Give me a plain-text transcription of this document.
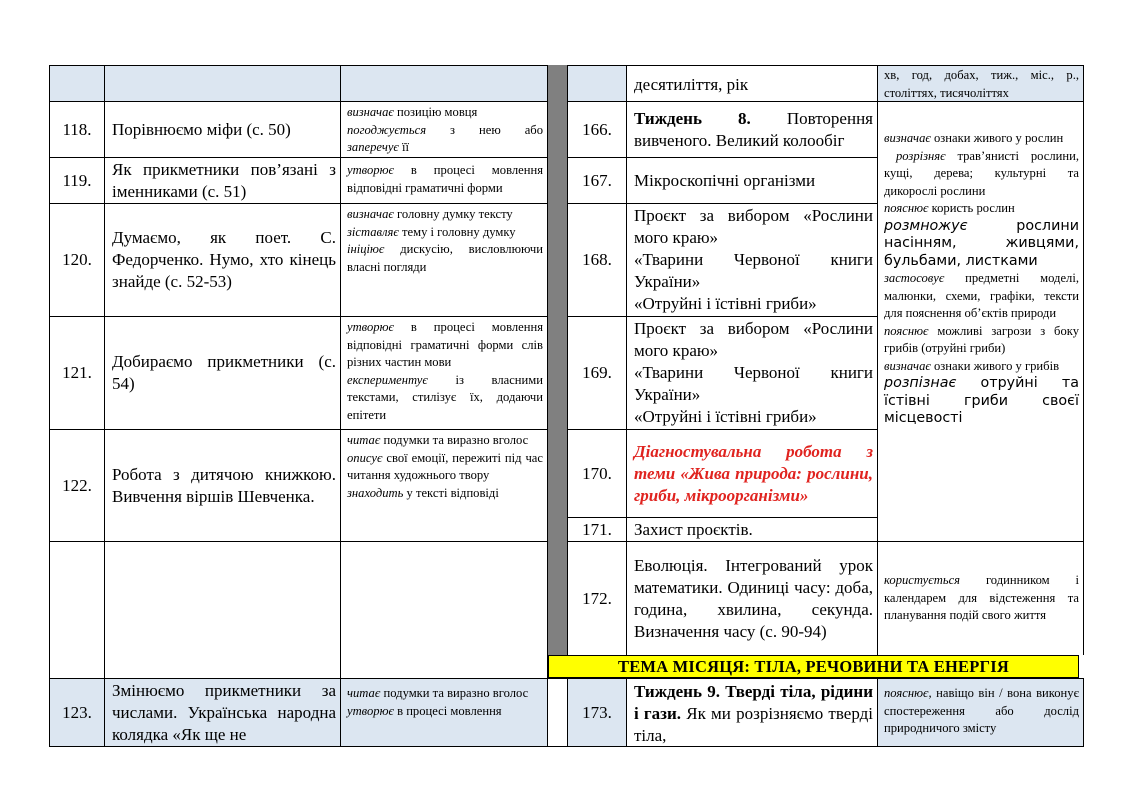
десятиліття, рік	хв, год, добах, тиж., міс., р., століттях, тисячоліттях
118. Порівнюємо міфи (с. 50)
визначає позицію мовця
погоджується з нею або
заперечує її
119.
Як прикметники пов’язані з іменниками (с. 51)
утворює в процесі мовлення відповідні граматичні форми
120.
Думаємо, як поет. С. Федорченко. Нумо, хто кінець знайде (с. 52-53)
визначає головну думку тексту
зіставляє тему і головну думку
ініціює дискусію, висловлюючи власні погляди
121.
Добираємо прикметники (с. 54)
утворює в процесі мовлення відповідні граматичні форми слів різних частин мови
експериментує із власними текстами, стилізує їх, додаючи епітети
122.
Робота з дитячою книжкою. Вивчення віршів Шевченка.
читає подумки та виразно вголос
описує свої емоції, пережиті під час читання художнього твору
знаходить у тексті відповіді
123.
Змінюємо прикметники за числами. Українська народна колядка «Як ще не
читає подумки та виразно вголос
утворює в процесі мовлення
166.
Тиждень 8. Повторення вивченого. Великий колообіг
167. Мікроскопічні організми
168.
Проєкт за вибором «Рослини мого краю»
«Тварини Червоної книги України»
«Отруйні і їстівні гриби»
169.
Проєкт за вибором «Рослини мого краю»
«Тварини Червоної книги України»
«Отруйні і їстівні гриби»
170.
Діагностувальна робота з теми «Жива природа: рослини, гриби, мікроорганізми»
171. Захист проєктів.
172.
Еволюція. Інтегрований урок математики. Одиниці часу: доба, година, хвилина, секунда. Визначення часу (с. 90-94)
визначає ознаки живого у рослин
розрізняє трав’янисті рослини, кущі, дерева; культурні та дикорослі рослини
пояснює користь рослин
розмножує рослини насінням, живцями, бульбами, листками
застосовує предметні моделі, малюнки, схеми, графіки, тексти для пояснення об’єктів природи
пояснює можливі загрози з боку грибів (отруйні гриби)
визначає ознаки живого у грибів
розпізнає отруйні та їстівні гриби своєї місцевості
користується годинником і календарем для відстеження та планування подій свого життя
ТЕМА МІСЯЦЯ: ТІЛА, РЕЧОВИНИ ТА ЕНЕРГІЯ
173.
Тиждень 9. Тверді тіла, рідини і гази. Як ми розрізняємо тверді тіла,
пояснює, навіщо він / вона виконує спостереження або дослід природничого змісту
